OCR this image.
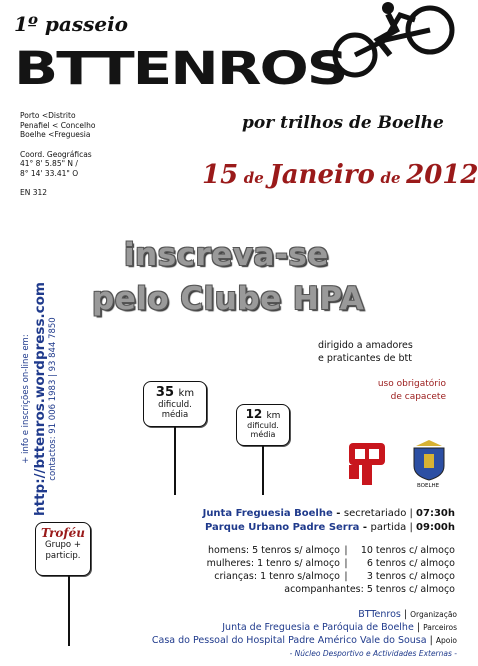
1º passeio
BTTENROS
por trilhos de Boelhe
Porto <Distrito
Penafiel < Concelho
Boelhe <Freguesia
Coord. Geográficas
41° 8' 5.85" N /
8° 14' 33.41" O
EN 312
15 de Janeiro de 2012
inscreva-se
pelo Clube HPA
+ info e inscrições on-line em: http://bttenros.wordpress.com contactos: 91 006 1983 | 93 844 7850	dirigido a amadores
e praticantes de btt
uso obrigatório
de capacete
35 km
dificuld.
média	12 km
dificuld.
média
Troféu
Grupo +
particip.
BOELHE
Junta Freguesia Boelhe - secretariado | 07:30h
Parque Urbano Padre Serra - partida | 09:00h
homens: 5 tenros s/ almoço |	10 tenros c/ almoço
mulheres: 1 tenro s/ almoço |	6 tenros c/ almoço
crianças: 1 tenro s/almoço |	3 tenros c/ almoço
acompanhantes: 5 tenros c/ almoço
BTTenros | Organização
Junta de Freguesia e Paróquia de Boelhe | Parceiros
Casa do Pessoal do Hospital Padre Américo Vale do Sousa | Apoio
- Núcleo Desportivo e Actividades Externas -
